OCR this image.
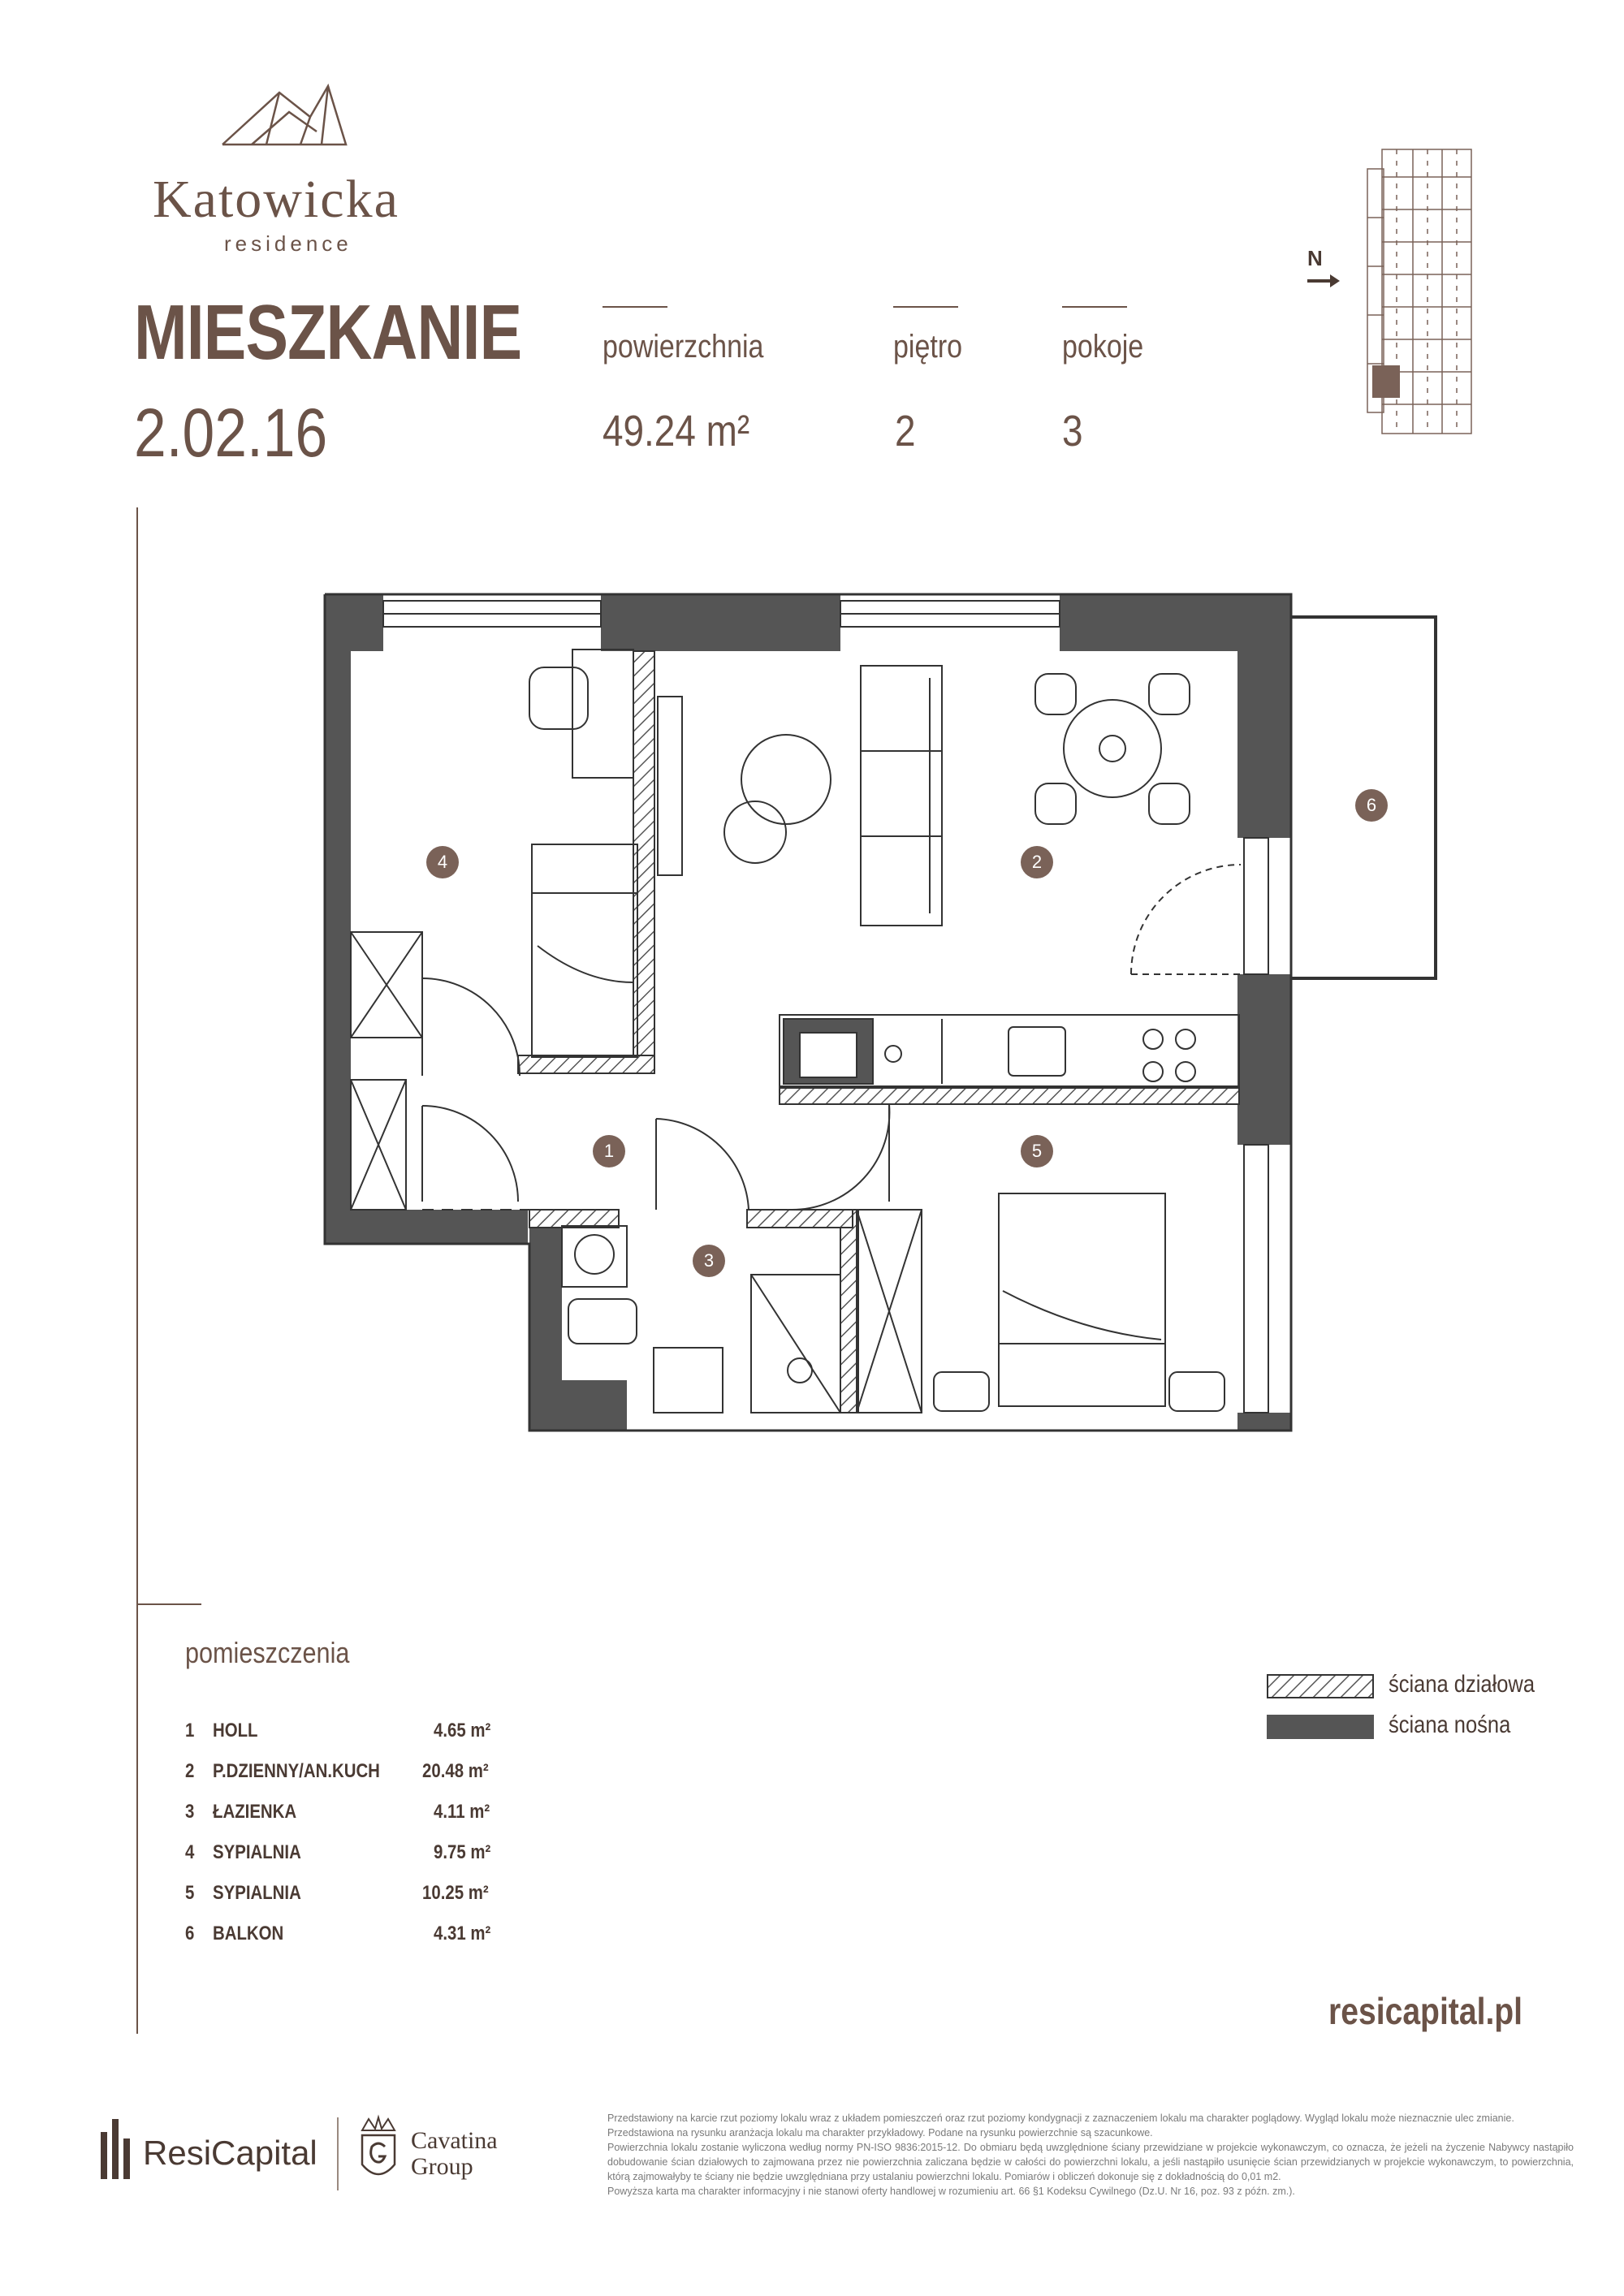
Katowicka
residence
MIESZKANIE
2.02.16
powierzchnia
49.24 m²
piętro
2
pokoje
3
N
1
2
3
4
5
6
pomieszczenia
1 HOLL	4.65 m²
2 P.DZIENNY/AN.KUCH 20.48 m²
3 ŁAZIENKA	4.11 m²
4 SYPIALNIA	9.75 m²
5 SYPIALNIA	10.25 m²
6 BALKON	4.31 m²
ściana działowa
ściana nośna
resicapital.pl
ResiCapital	Cavatina
Group
Przedstawiony na karcie rzut poziomy lokalu wraz z układem pomieszczeń oraz rzut poziomy kondygnacji z zaznaczeniem lokalu ma charakter poglądowy. Wygląd lokalu może nieznacznie ulec zmianie.
Przedstawiona na rysunku aranżacja lokalu ma charakter przykładowy. Podane na rysunku powierzchnie są szacunkowe.
Powierzchnia lokalu zostanie wyliczona według normy PN-ISO 9836:2015-12. Do obmiaru będą uwzględnione ściany przewidziane w projekcie wykonawczym, co oznacza, że jeżeli na życzenie Nabywcy nastąpiło dobudowanie ścian działowych to zajmowana przez nie powierzchnia zaliczana będzie w całości do powierzchni lokalu, a jeśli nastąpiło usunięcie ścian przewidzianych w projekcie wykonawczym, to powierzchnia, którą zajmowałyby te ściany nie będzie uwzględniana przy ustalaniu powierzchni lokalu. Pomiarów i obliczeń dokonuje się z dokładnością do 0,01 m2.
Powyższa karta ma charakter informacyjny i nie stanowi oferty handlowej w rozumieniu art. 66 §1 Kodeksu Cywilnego (Dz.U. Nr 16, poz. 93 z późn. zm.).
